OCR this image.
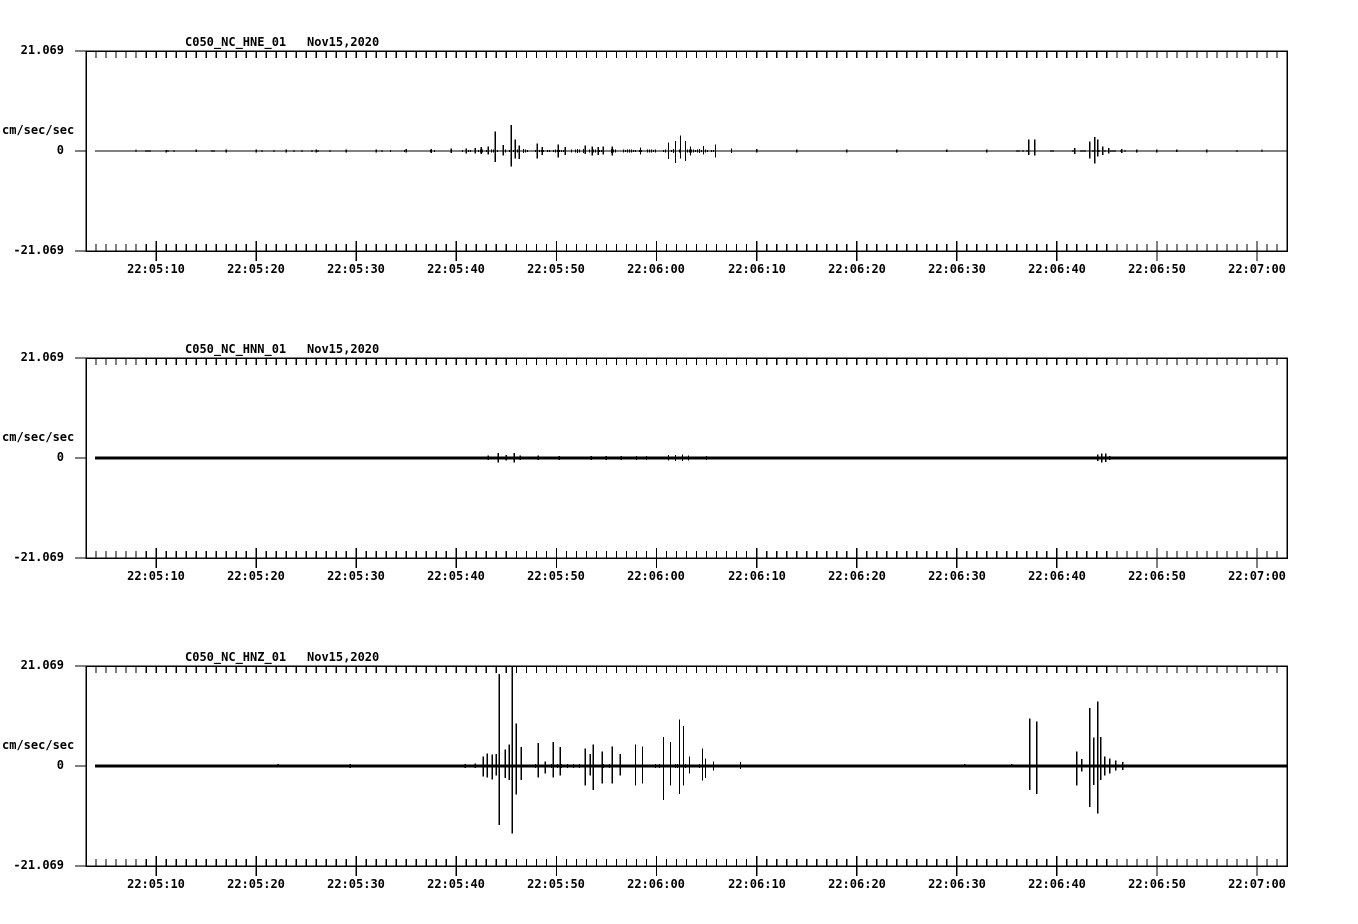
C050_NC_HNE_01 Nov15,2020
21.069
cm/sec/sec
0
-21.069
22:05:10	22:05:20	22:05:30	22:05:40	22:05:50	22:06:00	22:06:10	22:06:20	22:06:30	22:06:40	22:06:50	22:07:00
C050_NC_HNN_01 Nov15,2020
21.069
cm/sec/sec
0
-21.069
22:05:10	22:05:20	22:05:30	22:05:40	22:05:50	22:06:00	22:06:10	22:06:20	22:06:30	22:06:40	22:06:50	22:07:00
C050_NC_HNZ_01 Nov15,2020
21.069
cm/sec/sec
0
-21.069
22:05:10	22:05:20	22:05:30	22:05:40	22:05:50	22:06:00	22:06:10	22:06:20	22:06:30	22:06:40	22:06:50	22:07:00
